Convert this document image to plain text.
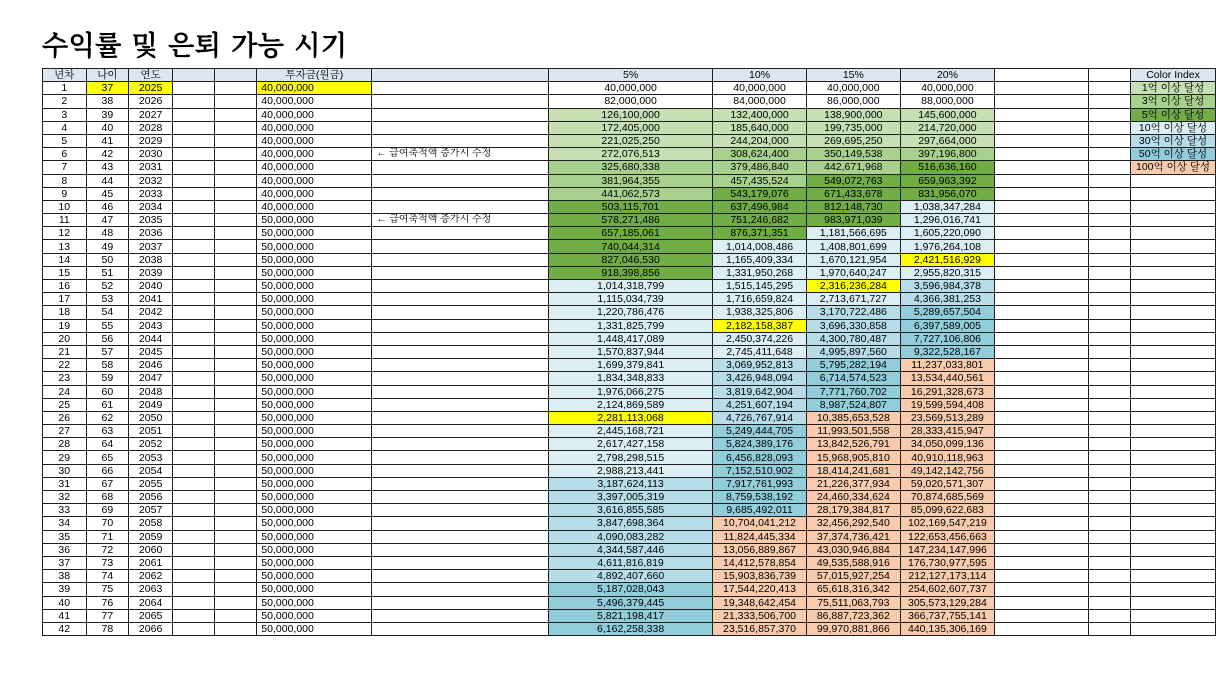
수익률 및 은퇴 가능 시기
년차	나이	연도			투자금(원금)		5%	10%	15%	20%			Color Index
1	37	2025			40,000,000		40,000,000	40,000,000	40,000,000	40,000,000			1억 이상 달성
2	38	2026			40,000,000		82,000,000	84,000,000	86,000,000	88,000,000			3억 이상 달성
3	39	2027			40,000,000		126,100,000	132,400,000	138,900,000	145,600,000			5억 이상 달성
4	40	2028			40,000,000		172,405,000	185,640,000	199,735,000	214,720,000			10억 이상 달성
5	41	2029			40,000,000		221,025,250	244,204,000	269,695,250	297,664,000			30억 이상 달성
6	42	2030			40,000,000	← 급여축적액 증가시 수정	272,076,513	308,624,400	350,149,538	397,196,800			50억 이상 달성
7	43	2031			40,000,000		325,680,338	379,486,840	442,671,968	516,636,160			100억 이상 달성
8	44	2032			40,000,000		381,964,355	457,435,524	549,072,763	659,963,392			
9	45	2033			40,000,000		441,062,573	543,179,076	671,433,678	831,956,070			
10	46	2034			40,000,000		503,115,701	637,496,984	812,148,730	1,038,347,284			
11	47	2035			50,000,000	← 급여축적액 증가시 수정	578,271,486	751,246,682	983,971,039	1,296,016,741			
12	48	2036			50,000,000		657,185,061	876,371,351	1,181,566,695	1,605,220,090			
13	49	2037			50,000,000		740,044,314	1,014,008,486	1,408,801,699	1,976,264,108			
14	50	2038			50,000,000		827,046,530	1,165,409,334	1,670,121,954	2,421,516,929			
15	51	2039			50,000,000		918,398,856	1,331,950,268	1,970,640,247	2,955,820,315			
16	52	2040			50,000,000		1,014,318,799	1,515,145,295	2,316,236,284	3,596,984,378			
17	53	2041			50,000,000		1,115,034,739	1,716,659,824	2,713,671,727	4,366,381,253			
18	54	2042			50,000,000		1,220,786,476	1,938,325,806	3,170,722,486	5,289,657,504			
19	55	2043			50,000,000		1,331,825,799	2,182,158,387	3,696,330,858	6,397,589,005			
20	56	2044			50,000,000		1,448,417,089	2,450,374,226	4,300,780,487	7,727,106,806			
21	57	2045			50,000,000		1,570,837,944	2,745,411,648	4,995,897,560	9,322,528,167			
22	58	2046			50,000,000		1,699,379,841	3,069,952,813	5,795,282,194	11,237,033,801			
23	59	2047			50,000,000		1,834,348,833	3,426,948,094	6,714,574,523	13,534,440,561			
24	60	2048			50,000,000		1,976,066,275	3,819,642,904	7,771,760,702	16,291,328,673			
25	61	2049			50,000,000		2,124,869,589	4,251,607,194	8,987,524,807	19,599,594,408			
26	62	2050			50,000,000		2,281,113,068	4,726,767,914	10,385,653,528	23,569,513,289			
27	63	2051			50,000,000		2,445,168,721	5,249,444,705	11,993,501,558	28,333,415,947			
28	64	2052			50,000,000		2,617,427,158	5,824,389,176	13,842,526,791	34,050,099,136			
29	65	2053			50,000,000		2,798,298,515	6,456,828,093	15,968,905,810	40,910,118,963			
30	66	2054			50,000,000		2,988,213,441	7,152,510,902	18,414,241,681	49,142,142,756			
31	67	2055			50,000,000		3,187,624,113	7,917,761,993	21,226,377,934	59,020,571,307			
32	68	2056			50,000,000		3,397,005,319	8,759,538,192	24,460,334,624	70,874,685,569			
33	69	2057			50,000,000		3,616,855,585	9,685,492,011	28,179,384,817	85,099,622,683			
34	70	2058			50,000,000		3,847,698,364	10,704,041,212	32,456,292,540	102,169,547,219			
35	71	2059			50,000,000		4,090,083,282	11,824,445,334	37,374,736,421	122,653,456,663			
36	72	2060			50,000,000		4,344,587,446	13,056,889,867	43,030,946,884	147,234,147,996			
37	73	2061			50,000,000		4,611,816,819	14,412,578,854	49,535,588,916	176,730,977,595			
38	74	2062			50,000,000		4,892,407,660	15,903,836,739	57,015,927,254	212,127,173,114			
39	75	2063			50,000,000		5,187,028,043	17,544,220,413	65,618,316,342	254,602,607,737			
40	76	2064			50,000,000		5,496,379,445	19,348,642,454	75,511,063,793	305,573,129,284			
41	77	2065			50,000,000		5,821,198,417	21,333,506,700	86,887,723,362	366,737,755,141			
42	78	2066			50,000,000		6,162,258,338	23,516,857,370	99,970,881,866	440,135,306,169			
